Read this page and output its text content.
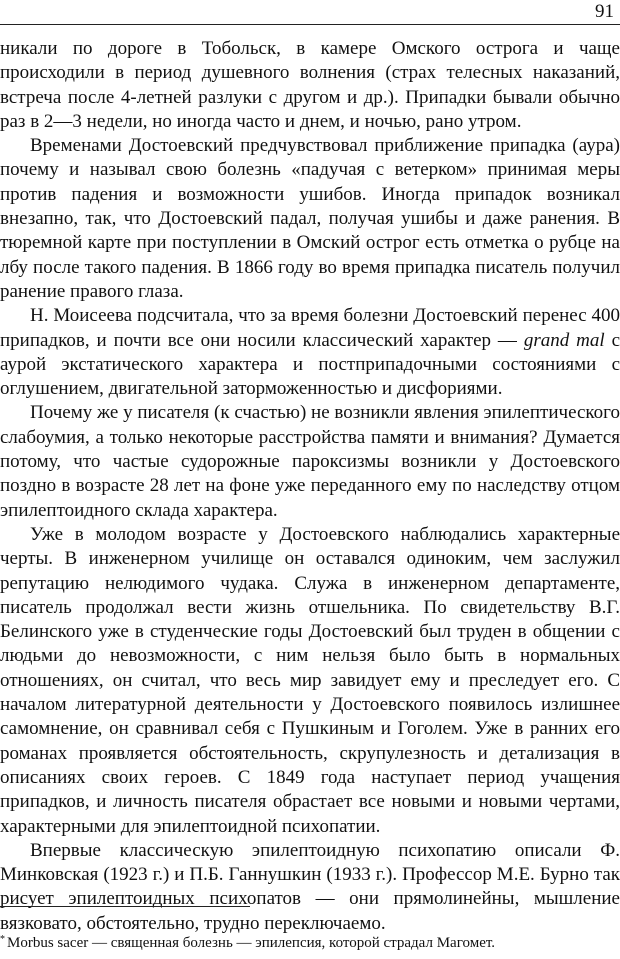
91

никали по дороге в Тобольск, в камере Омского острога и чаще происходили в период душевного волнения (страх телесных наказаний, встреча после 4-летней разлуки с другом и др.). Припадки бывали обычно раз в 2—3 недели, но иногда часто и днем, и ночью, рано утром.

Временами Достоевский предчувствовал приближение припадка (аура) почему и называл свою болезнь «падучая с ветерком» принимая меры против падения и возможности ушибов. Иногда припадок возникал внезапно, так, что Достоевский падал, получая ушибы и даже ранения. В тюремной карте при поступлении в Омский острог есть отметка о рубце на лбу после такого падения. В 1866 году во время припадка писатель получил ранение правого глаза.

Н. Моисеева подсчитала, что за время болезни Достоевский перенес 400 припадков, и почти все они носили классический характер — grand mal с аурой экстатического характера и постприпадочными состояниями с оглушением, двигательной заторможенностью и дисфориями.

Почему же у писателя (к счастью) не возникли явления эпилептического слабоумия, а только некоторые расстройства памяти и внимания? Думается потому, что частые судорожные пароксизмы возникли у Достоевского поздно в возрасте 28 лет на фоне уже переданного ему по наследству отцом эпилептоидного склада характера.

Уже в молодом возрасте у Достоевского наблюдались характерные черты. В инженерном училище он оставался одиноким, чем заслужил репутацию нелюдимого чудака. Служа в инженерном департаменте, писатель продолжал вести жизнь отшельника. По свидетельству В.Г. Белинского уже в студенческие годы Достоевский был труден в общении с людьми до невозможности, с ним нельзя было быть в нормальных отношениях, он считал, что весь мир завидует ему и преследует его. С началом литературной деятельности у Достоевского появилось излишнее самомнение, он сравнивал себя с Пушкиным и Гоголем. Уже в ранних его романах проявляется обстоятельность, скрупулезность и детализация в описаниях своих героев. С 1849 года наступает период учащения припадков, и личность писателя обрастает все новыми и новыми чертами, характерными для эпилептоидной психопатии.

Впервые классическую эпилептоидную психопатию описали Ф. Минковская (1923 г.) и П.Б. Ганнушкин (1933 г.). Профессор М.Е. Бурно так рисует эпилептоидных психопатов — они прямолинейны, мышление вязковато, обстоятельно, трудно переключаемо.

* Morbus sacer — священная болезнь — эпилепсия, которой страдал Магомет.
